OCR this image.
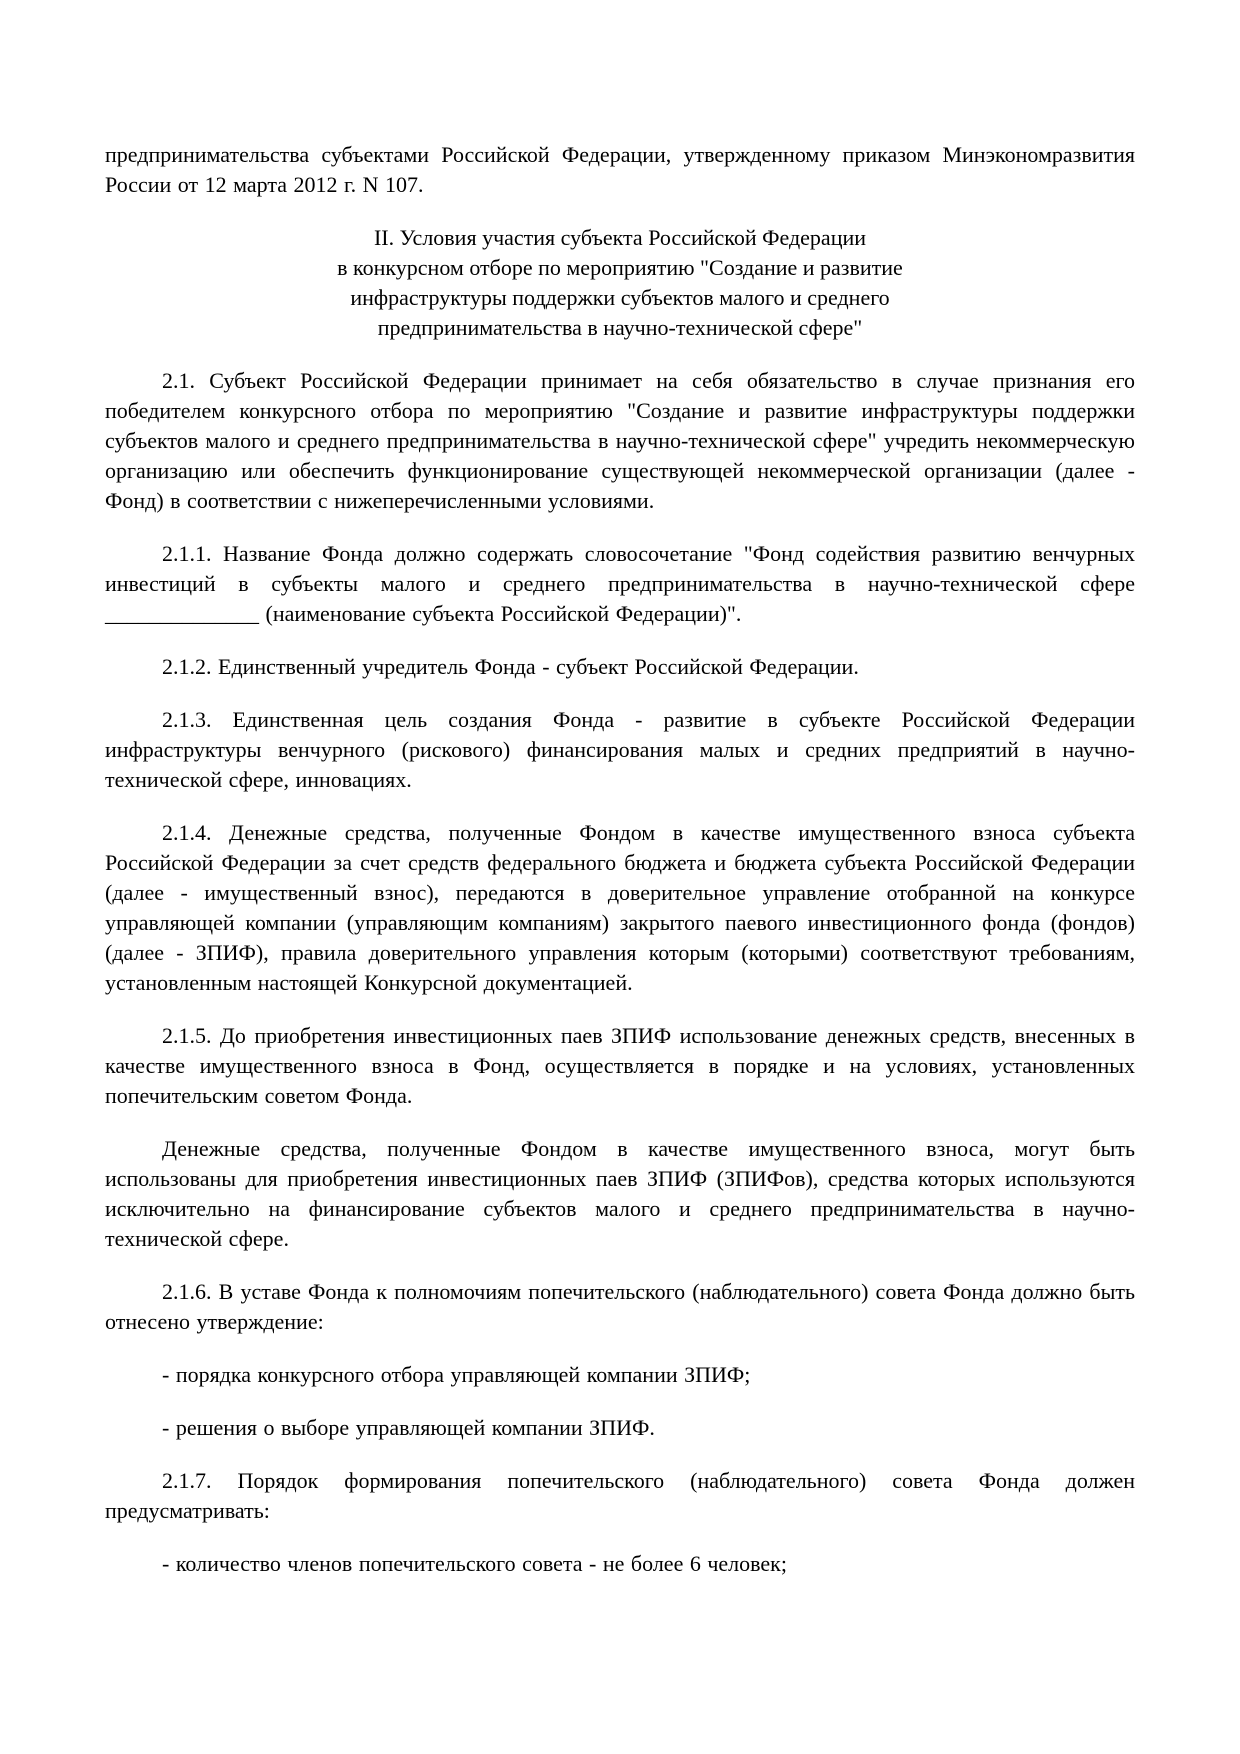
предпринимательства субъектами Российской Федерации, утвержденному приказом Минэкономразвития России от 12 марта 2012 г. N 107.

II. Условия участия субъекта Российской Федерации
в конкурсном отборе по мероприятию "Создание и развитие
инфраструктуры поддержки субъектов малого и среднего
предпринимательства в научно-технической сфере"

2.1. Субъект Российской Федерации принимает на себя обязательство в случае признания его победителем конкурсного отбора по мероприятию "Создание и развитие инфраструктуры поддержки субъектов малого и среднего предпринимательства в научно-технической сфере" учредить некоммерческую организацию или обеспечить функционирование существующей некоммерческой организации (далее - Фонд) в соответствии с нижеперечисленными условиями.

2.1.1. Название Фонда должно содержать словосочетание "Фонд содействия развитию венчурных инвестиций в субъекты малого и среднего предпринимательства в научно-технической сфере ______________ (наименование субъекта Российской Федерации)".

2.1.2. Единственный учредитель Фонда - субъект Российской Федерации.

2.1.3. Единственная цель создания Фонда - развитие в субъекте Российской Федерации инфраструктуры венчурного (рискового) финансирования малых и средних предприятий в научно-технической сфере, инновациях.

2.1.4. Денежные средства, полученные Фондом в качестве имущественного взноса субъекта Российской Федерации за счет средств федерального бюджета и бюджета субъекта Российской Федерации (далее - имущественный взнос), передаются в доверительное управление отобранной на конкурсе управляющей компании (управляющим компаниям) закрытого паевого инвестиционного фонда (фондов) (далее - ЗПИФ), правила доверительного управления которым (которыми) соответствуют требованиям, установленным настоящей Конкурсной документацией.

2.1.5. До приобретения инвестиционных паев ЗПИФ использование денежных средств, внесенных в качестве имущественного взноса в Фонд, осуществляется в порядке и на условиях, установленных попечительским советом Фонда.

Денежные средства, полученные Фондом в качестве имущественного взноса, могут быть использованы для приобретения инвестиционных паев ЗПИФ (ЗПИФов), средства которых используются исключительно на финансирование субъектов малого и среднего предпринимательства в научно-технической сфере.

2.1.6. В уставе Фонда к полномочиям попечительского (наблюдательного) совета Фонда должно быть отнесено утверждение:

- порядка конкурсного отбора управляющей компании ЗПИФ;

- решения о выборе управляющей компании ЗПИФ.

2.1.7. Порядок формирования попечительского (наблюдательного) совета Фонда должен предусматривать:

- количество членов попечительского совета - не более 6 человек;
